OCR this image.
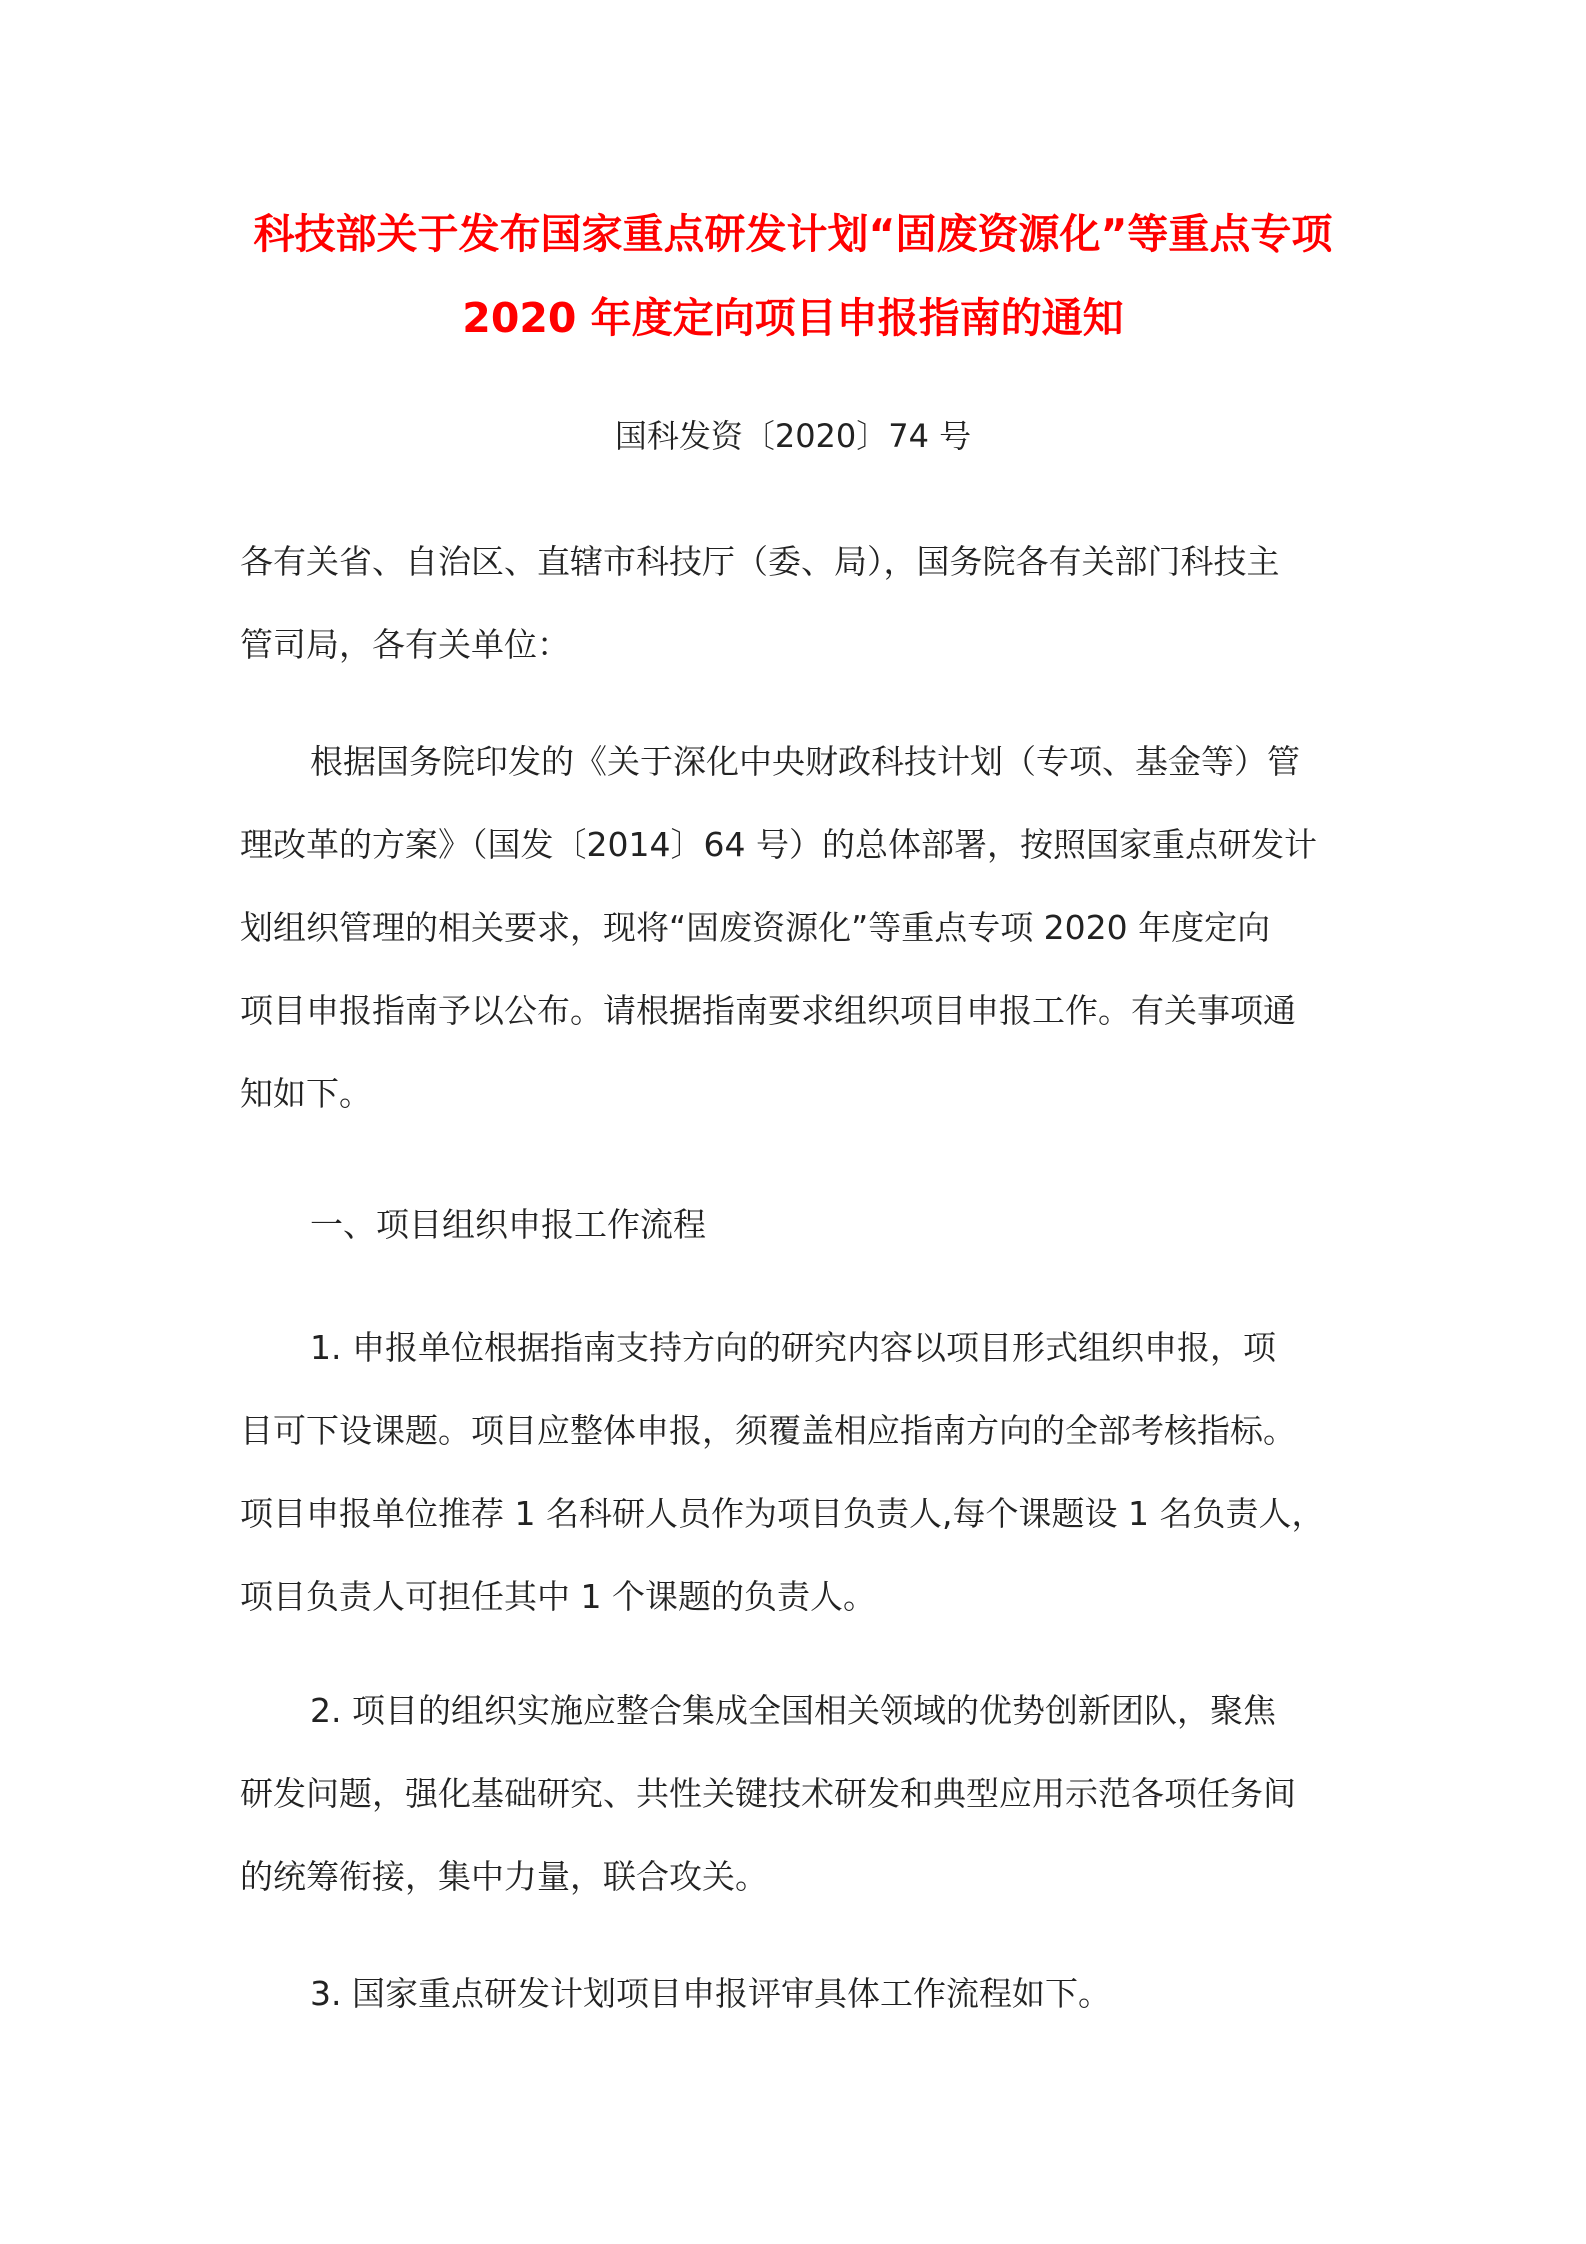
科技部关于发布国家重点研发计划“固废资源化”等重点专项
2020 年度定向项目申报指南的通知
国科发资〔2020〕74 号
各有关省、自治区、直辖市科技厅（委、局），国务院各有关部门科技主
管司局，各有关单位：
根据国务院印发的《关于深化中央财政科技计划（专项、基金等）管
理改革的方案》（国发〔2014〕64 号）的总体部署，按照国家重点研发计
划组织管理的相关要求，现将“固废资源化”等重点专项 2020 年度定向
项目申报指南予以公布。请根据指南要求组织项目申报工作。有关事项通
知如下。
一、项目组织申报工作流程
1. 申报单位根据指南支持方向的研究内容以项目形式组织申报，项
目可下设课题。项目应整体申报，须覆盖相应指南方向的全部考核指标。
项目申报单位推荐 1 名科研人员作为项目负责人,每个课题设 1 名负责人，
项目负责人可担任其中 1 个课题的负责人。
2. 项目的组织实施应整合集成全国相关领域的优势创新团队，聚焦
研发问题，强化基础研究、共性关键技术研发和典型应用示范各项任务间
的统筹衔接，集中力量，联合攻关。
3. 国家重点研发计划项目申报评审具体工作流程如下。
